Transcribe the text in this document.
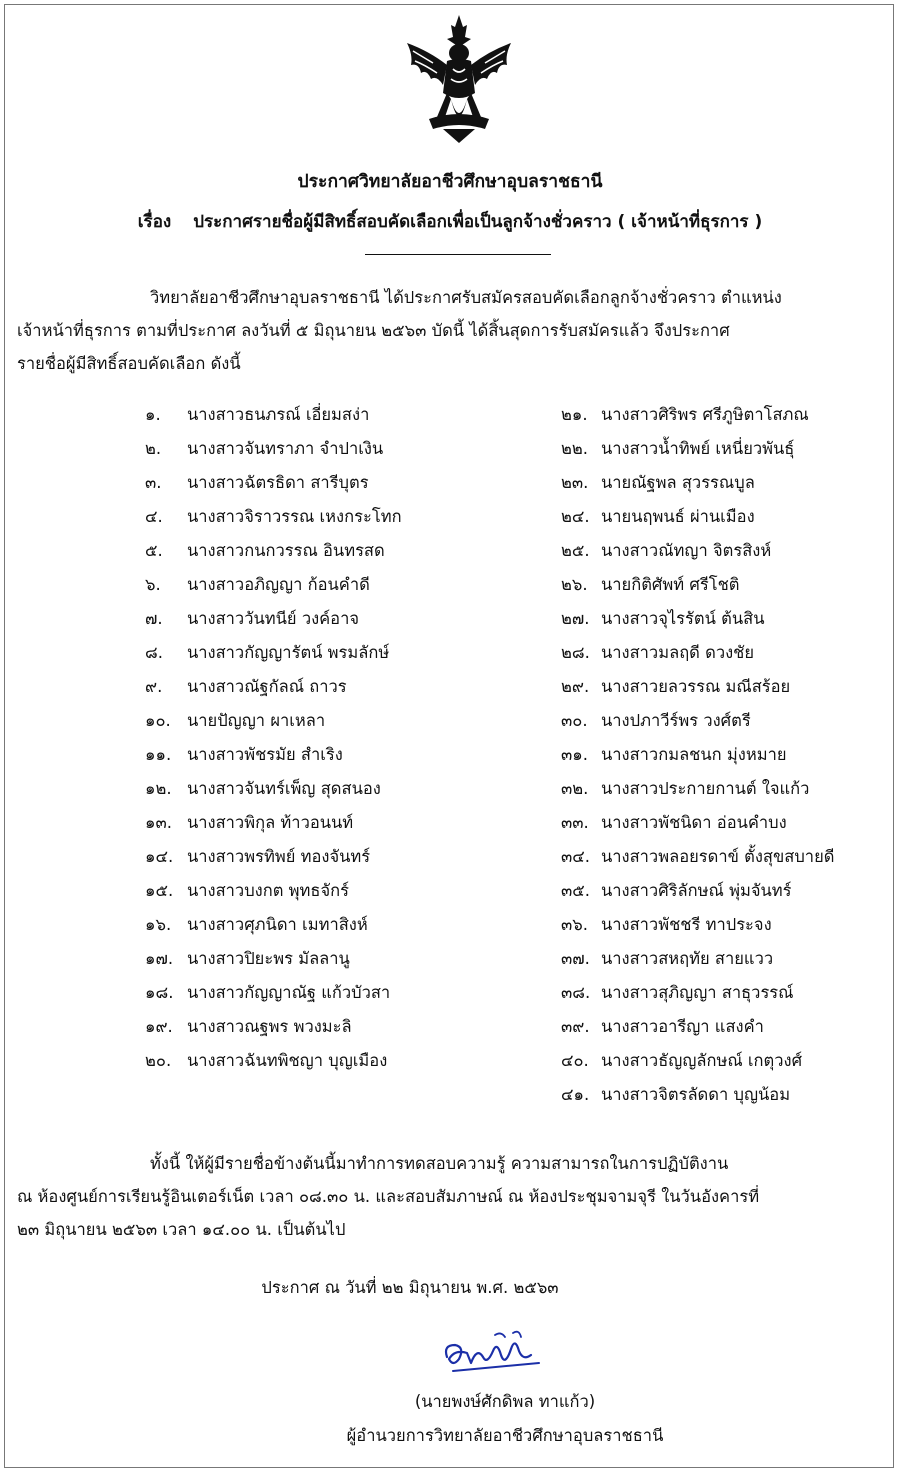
ประกาศวิทยาลัยอาชีวศึกษาอุบลราชธานี
เรื่อง ประกาศรายชื่อผู้มีสิทธิ์สอบคัดเลือกเพื่อเป็นลูกจ้างชั่วคราว ( เจ้าหน้าที่ธุรการ )

วิทยาลัยอาชีวศึกษาอุบลราชธานี ได้ประกาศรับสมัครสอบคัดเลือกลูกจ้างชั่วคราว ตำแหน่ง
เจ้าหน้าที่ธุรการ ตามที่ประกาศ ลงวันที่ ๕ มิถุนายน ๒๕๖๓ บัดนี้ ได้สิ้นสุดการรับสมัครแล้ว จึงประกาศ
รายชื่อผู้มีสิทธิ์สอบคัดเลือก ดังนี้

๑. นางสาวธนภรณ์ เอี่ยมสง่า
๒. นางสาวจันทราภา จำปาเงิน
๓. นางสาวฉัตรธิดา สารีบุตร
๔. นางสาวจิราวรรณ เหงกระโทก
๕. นางสาวกนกวรรณ อินทรสด
๖. นางสาวอภิญญา ก้อนคำดี
๗. นางสาววันทนีย์ วงค์อาจ
๘. นางสาวกัญญารัตน์ พรมลักษ์
๙. นางสาวณัฐกัลณ์ ถาวร
๑๐. นายปัญญา ผาเหลา
๑๑. นางสาวพัชรมัย สำเริง
๑๒. นางสาวจันทร์เพ็ญ สุดสนอง
๑๓. นางสาวพิกุล ท้าวอนนท์
๑๔. นางสาวพรทิพย์ ทองจันทร์
๑๕. นางสาวบงกต พุทธจักร์
๑๖. นางสาวศุภนิดา เมทาสิงห์
๑๗. นางสาวปิยะพร มัลลานู
๑๘. นางสาวกัญญาณัฐ แก้วบัวสา
๑๙. นางสาวณฐพร พวงมะลิ
๒๐. นางสาวฉันทพิชญา บุญเมือง
๒๑. นางสาวศิริพร ศรีภูษิตาโสภณ
๒๒. นางสาวน้ำทิพย์ เหนี่ยวพันธุ์
๒๓. นายณัฐพล สุวรรณบูล
๒๔. นายนฤพนธ์ ผ่านเมือง
๒๕. นางสาวณัทญา จิตรสิงห์
๒๖. นายกิติศัพท์ ศรีโชติ
๒๗. นางสาวจุไรรัตน์ ต้นสิน
๒๘. นางสาวมลฤดี ดวงชัย
๒๙. นางสาวยลวรรณ มณีสร้อย
๓๐. นางปภาวีร์พร วงศ์ตรี
๓๑. นางสาวกมลชนก มุ่งหมาย
๓๒. นางสาวประกายกานต์ ใจแก้ว
๓๓. นางสาวพัชนิดา อ่อนคำบง
๓๔. นางสาวพลอยรดาข์ ตั้งสุขสบายดี
๓๕. นางสาวศิริลักษณ์ พุ่มจันทร์
๓๖. นางสาวพัชชรี ทาประจง
๓๗. นางสาวสหฤทัย สายแวว
๓๘. นางสาวสุภิญญา สาธุวรรณ์
๓๙. นางสาวอารีญา แสงคำ
๔๐. นางสาวธัญญลักษณ์ เกตุวงศ์
๔๑. นางสาวจิตรลัดดา บุญน้อม

ทั้งนี้ ให้ผู้มีรายชื่อข้างต้นนี้มาทำการทดสอบความรู้ ความสามารถในการปฏิบัติงาน
ณ ห้องศูนย์การเรียนรู้อินเตอร์เน็ต เวลา ๐๘.๓๐ น. และสอบสัมภาษณ์ ณ ห้องประชุมจามจุรี ในวันอังคารที่
๒๓ มิถุนายน ๒๕๖๓ เวลา ๑๔.๐๐ น. เป็นต้นไป

ประกาศ ณ วันที่ ๒๒ มิถุนายน พ.ศ. ๒๕๖๓
(นายพงษ์ศักดิพล ทาแก้ว)
ผู้อำนวยการวิทยาลัยอาชีวศึกษาอุบลราชธานี
